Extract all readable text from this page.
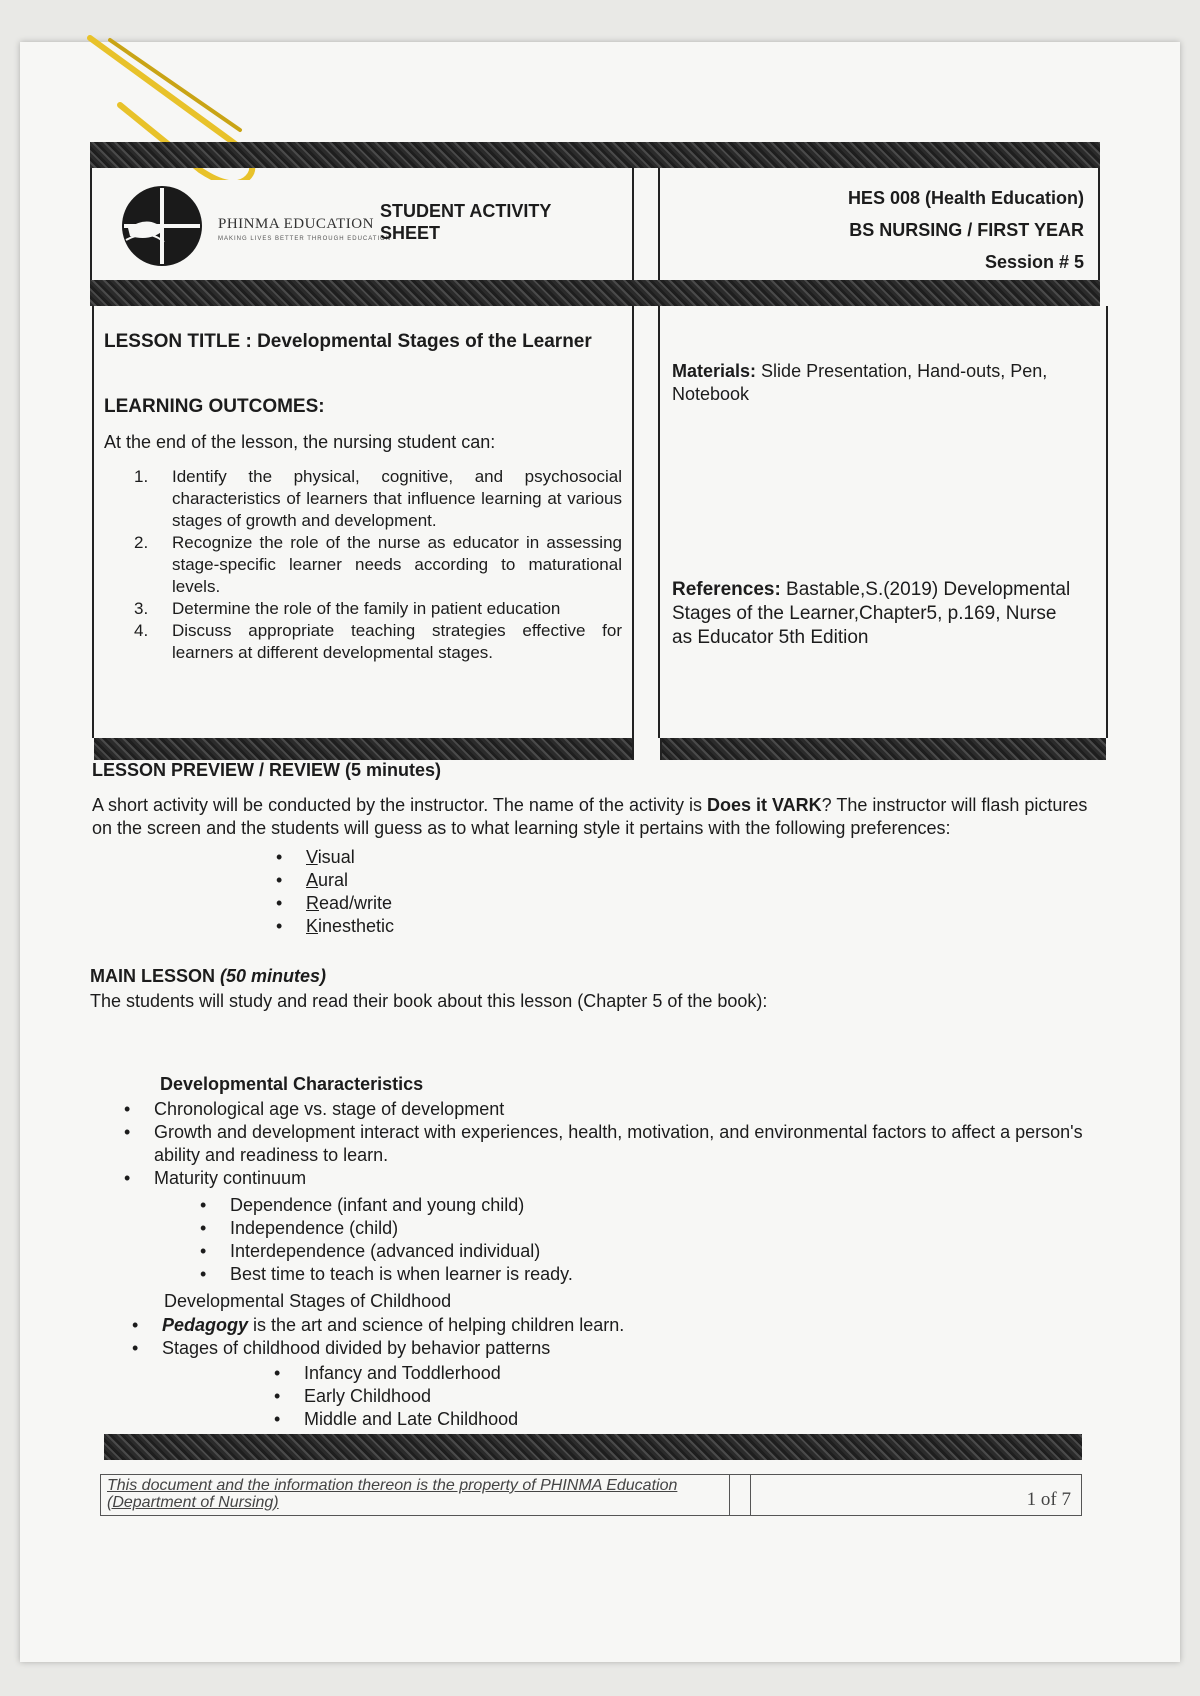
PHINMA EDUCATION
MAKING LIVES BETTER THROUGH EDUCATION
STUDENT ACTIVITY
SHEET
HES 008 (Health Education)
BS NURSING / FIRST YEAR
Session # 5
LESSON TITLE : Developmental Stages of the Learner
LEARNING OUTCOMES:
At the end of the lesson, the nursing student can:
1.	Identify the physical, cognitive, and psychosocial characteristics of learners that influence learning at various stages of growth and development.
2.	Recognize the role of the nurse as educator in assessing stage-specific learner needs according to maturational levels.
3.	Determine the role of the family in patient education
4.	Discuss appropriate teaching strategies effective for learners at different developmental stages.
Materials: Slide Presentation, Hand-outs, Pen, Notebook
References: Bastable,S.(2019) Developmental Stages of the Learner,Chapter5, p.169, Nurse as Educator 5th Edition
LESSON PREVIEW / REVIEW (5 minutes)
A short activity will be conducted by the instructor. The name of the activity is Does it VARK? The instructor will flash pictures on the screen and the students will guess as to what learning style it pertains with the following preferences:
• Visual
• Aural
• Read/write
• Kinesthetic
MAIN LESSON (50 minutes)
The students will study and read their book about this lesson (Chapter 5 of the book):
Developmental Characteristics
• Chronological age vs. stage of development
• Growth and development interact with experiences, health, motivation, and environmental factors to affect a person's ability and readiness to learn.
• Maturity continuum
• Dependence (infant and young child)
• Independence (child)
• Interdependence (advanced individual)
• Best time to teach is when learner is ready.
Developmental Stages of Childhood
• Pedagogy is the art and science of helping children learn.
• Stages of childhood divided by behavior patterns
• Infancy and Toddlerhood
• Early Childhood
• Middle and Late Childhood
•
This document and the information thereon is the property of PHINMA Education (Department of Nursing)	1 of 7
